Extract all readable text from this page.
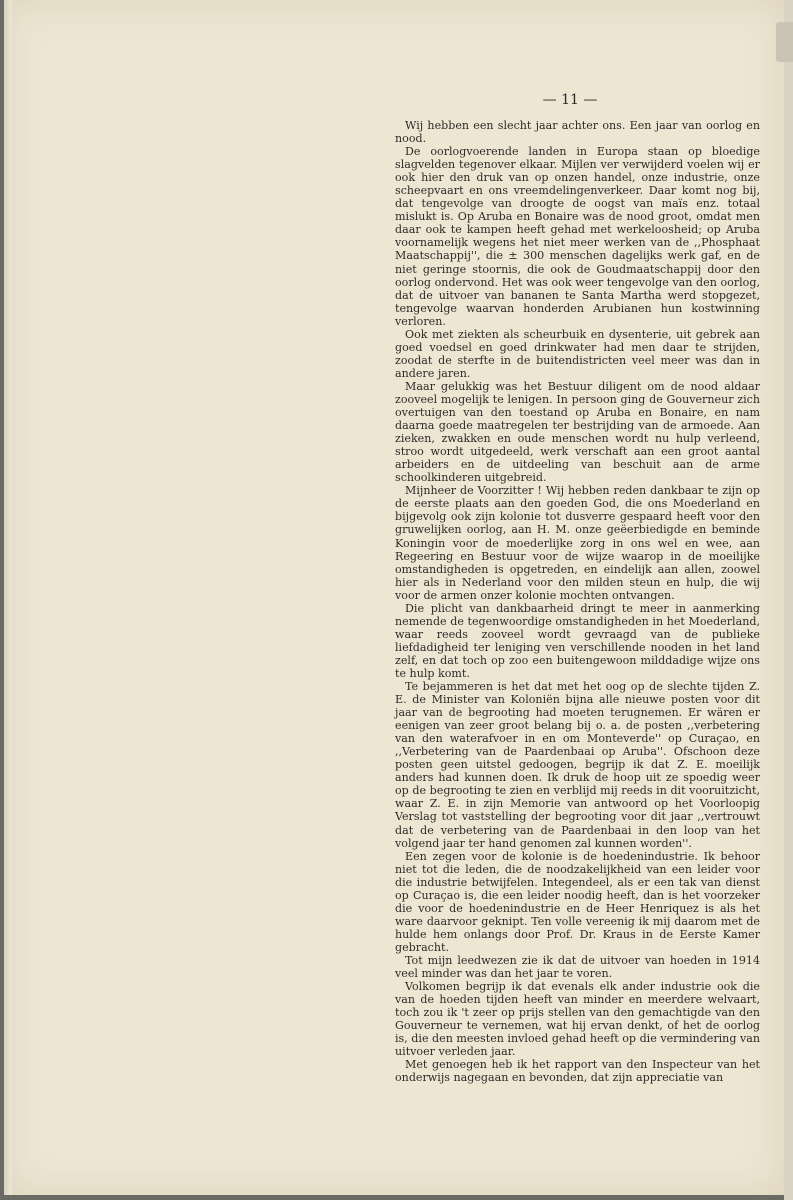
— 11 —

Wij hebben een slecht jaar achter ons. Een jaar van oorlog en nood.

De oorlogvoerende landen in Europa staan op bloedige slagvelden tegenover elkaar. Mijlen ver verwijderd voelen wij er ook hier den druk van op onzen handel, onze industrie, onze scheepvaart en ons vreemdelingenverkeer. Daar komt nog bij, dat tengevolge van droogte de oogst van maïs enz. totaal mislukt is. Op Aruba en Bonaire was de nood groot, omdat men daar ook te kampen heeft gehad met werkeloosheid; op Aruba voornamelijk wegens het niet meer werken van de ,,Phosphaat Maatschappij'', die ± 300 menschen dagelijks werk gaf, en de niet geringe stoornis, die ook de Goudmaatschappij door den oorlog ondervond. Het was ook weer tengevolge van den oorlog, dat de uitvoer van bananen te Santa Martha werd stopgezet, tengevolge waarvan honderden Arubianen hun kostwinning verloren.

Ook met ziekten als scheurbuik en dysenterie, uit gebrek aan goed voedsel en goed drinkwater had men daar te strijden, zoodat de sterfte in de buitendistricten veel meer was dan in andere jaren.

Maar gelukkig was het Bestuur diligent om de nood aldaar zooveel mogelijk te lenigen. In persoon ging de Gouverneur zich overtuigen van den toestand op Aruba en Bonaire, en nam daarna goede maatregelen ter bestrijding van de armoede. Aan zieken, zwakken en oude menschen wordt nu hulp verleend, stroo wordt uitgedeeld, werk verschaft aan een groot aantal arbeiders en de uitdeeling van beschuit aan de arme schoolkinderen uitgebreid.

Mijnheer de Voorzitter ! Wij hebben reden dankbaar te zijn op de eerste plaats aan den goeden God, die ons Moederland en bijgevolg ook zijn kolonie tot dusverre gespaard heeft voor den gruwelijken oorlog, aan H. M. onze geëerbiedigde en beminde Koningin voor de moederlijke zorg in ons wel en wee, aan Regeering en Bestuur voor de wijze waarop in de moeilijke omstandigheden is opgetreden, en eindelijk aan allen, zoowel hier als in Nederland voor den milden steun en hulp, die wij voor de armen onzer kolonie mochten ontvangen.

Die plicht van dankbaarheid dringt te meer in aanmerking nemende de tegenwoordige omstandigheden in het Moederland, waar reeds zooveel wordt gevraagd van de publieke liefdadigheid ter leniging ven verschillende nooden in het land zelf, en dat toch op zoo een buitengewoon milddadige wijze ons te hulp komt.

Te bejammeren is het dat met het oog op de slechte tijden Z. E. de Minister van Koloniën bijna alle nieuwe posten voor dit jaar van de begrooting had moeten terugnemen. Er wären er eenigen van zeer groot belang bij o. a. de posten ,,verbetering van den waterafvoer in en om Monteverde'' op Curaçao, en ,,Verbetering van de Paardenbaai op Aruba''. Ofschoon deze posten geen uitstel gedoogen, begrijp ik dat Z. E. moeilijk anders had kunnen doen. Ik druk de hoop uit ze spoedig weer op de begrooting te zien en verblijd mij reeds in dit vooruitzicht, waar Z. E. in zijn Memorie van antwoord op het Voorloopig Verslag tot vaststelling der begrooting voor dit jaar ,,vertrouwt dat de verbetering van de Paardenbaai in den loop van het volgend jaar ter hand genomen zal kunnen worden''.

Een zegen voor de kolonie is de hoedenindustrie. Ik behoor niet tot die leden, die de noodzakelijkheid van een leider voor die industrie betwijfelen. Integendeel, als er een tak van dienst op Curaçao is, die een leider noodig heeft, dan is het voorzeker die voor de hoedenindustrie en de Heer Henriquez is als het ware daarvoor geknipt. Ten volle vereenig ik mij daarom met de hulde hem onlangs door Prof. Dr. Kraus in de Eerste Kamer gebracht.

Tot mijn leedwezen zie ik dat de uitvoer van hoeden in 1914 veel minder was dan het jaar te voren.

Volkomen begrijp ik dat evenals elk ander industrie ook die van de hoeden tijden heeft van minder en meerdere welvaart, toch zou ik 't zeer op prijs stellen van den gemachtigde van den Gouverneur te vernemen, wat hij ervan denkt, of het de oorlog is, die den meesten invloed gehad heeft op die vermindering van uitvoer verleden jaar.

Met genoegen heb ik het rapport van den Inspecteur van het onderwijs nagegaan en bevonden, dat zijn appreciatie van
